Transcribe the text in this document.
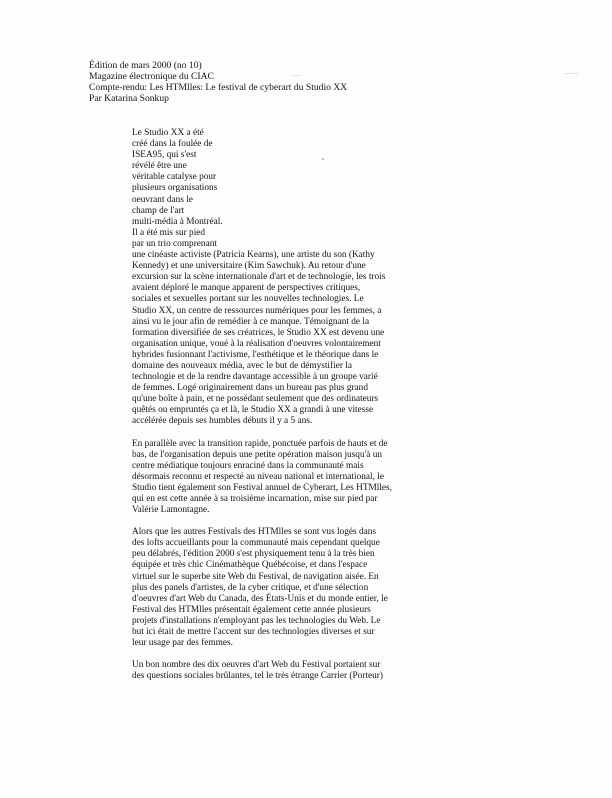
Édition de mars 2000 (no 10)
Magazine électronique du CIAC
Compte-rendu: Les HTMlles: Le festival de cyberart du Studio XX
Par Katarina Sonkup
Le Studio XX a été
créé dans la foulée de
ISEA95, qui s'est
révélé être une
véritable catalyse pour
plusieurs organisations
oeuvrant dans le
champ de l'art
multi-média à Montréal.
Il a été mis sur pied
par un trio comprenant
une cinéaste activiste (Patricia Kearns), une artiste du son (Kathy
Kennedy) et une universitaire (Kim Sawchuk). Au retour d'une
excursion sur la scène internationale d'art et de technologie, les trois
avaient déploré le manque apparent de perspectives critiques,
sociales et sexuelles portant sur les nouvelles technologies. Le
Studio XX, un centre de ressources numériques pour les femmes, a
ainsi vu le jour afin de remédier à ce manque. Témoignant de la
formation diversifiée de ses créatrices, le Studio XX est devenu une
organisation unique, voué à la réalisation d'oeuvres volontairement
hybrides fusionnant l'activisme, l'esthétique et le théorique dans le
domaine des nouveaux média, avec le but de démystifier la
technologie et de la rendre davantage accessible à un groupe varié
de femmes. Logé originairement dans un bureau pas plus grand
qu'une boîte à pain, et ne possédant seulement que des ordinateurs
quêtés ou empruntés ça et là, le Studio XX a grandi à une vitesse
accélérée depuis ses humbles débuts il y a 5 ans.
En parallèle avec la transition rapide, ponctuée parfois de hauts et de
bas, de l'organisation depuis une petite opération maison jusqu'à un
centre médiatique toujours enraciné dans la communauté mais
désormais reconnu et respecté au niveau national et international, le
Studio tient également son Festival annuel de Cyberart, Les HTMlles,
qui en est cette année à sa troisième incarnation, mise sur pied par
Valérie Lamontagne.
Alors que les autres Festivals des HTMlles se sont vus logés dans
des lofts accueillants pour la communauté mais cependant quelque
peu délabrés, l'édition 2000 s'est physiquement tenu à la très bien
équipée et très chic Cinémathèque Québécoise, et dans l'espace
virtuel sur le superbe site Web du Festival, de navigation aisée. En
plus des panels d'artistes, de la cyber critique, et d'une sélection
d'oeuvres d'art Web du Canada, des États-Unis et du monde entier, le
Festival des HTMlles présentait également cette année plusieurs
projets d'installations n'employant pas les technologies du Web. Le
but ici était de mettre l'accent sur des technologies diverses et sur
leur usage par des femmes.
Un bon nombre des dix oeuvres d'art Web du Festival portaient sur
des questions sociales brûlantes, tel le très étrange Carrier (Porteur)
